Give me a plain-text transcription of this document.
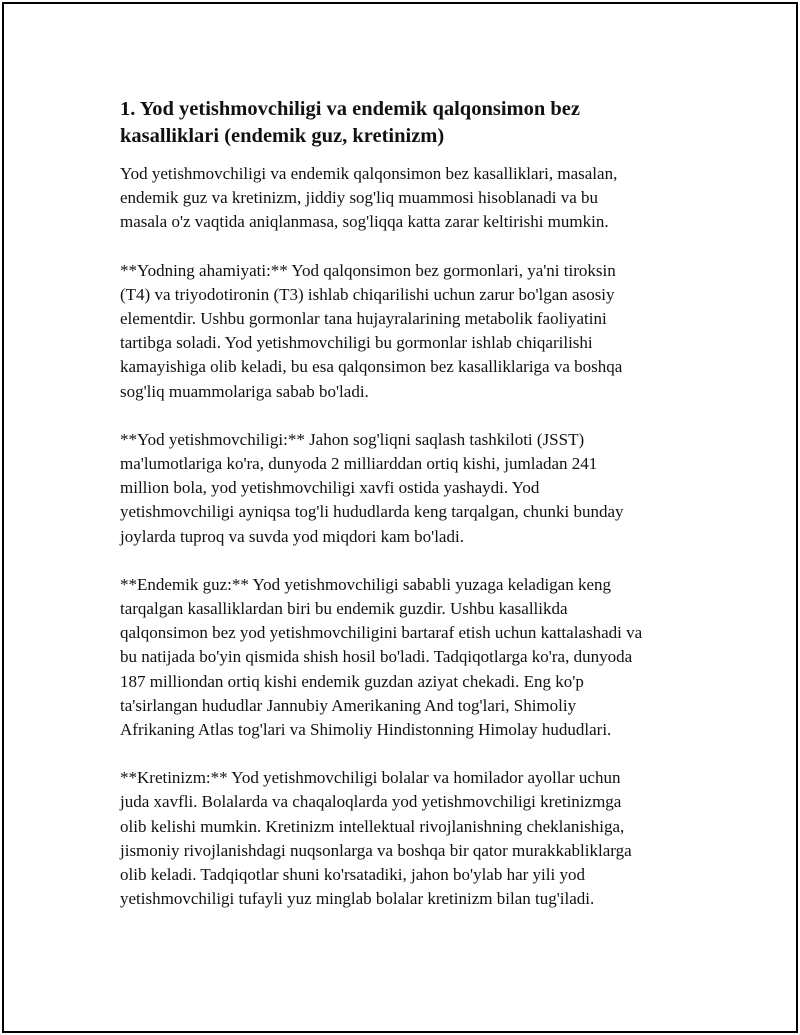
1. Yod yetishmovchiligi va endemik qalqonsimon bez
kasalliklari (endemik guz, kretinizm)

Yod yetishmovchiligi va endemik qalqonsimon bez kasalliklari, masalan,
endemik guz va kretinizm, jiddiy sog'liq muammosi hisoblanadi va bu
masala o'z vaqtida aniqlanmasa, sog'liqqa katta zarar keltirishi mumkin.

**Yodning ahamiyati:** Yod qalqonsimon bez gormonlari, ya'ni tiroksin
(T4) va triyodotironin (T3) ishlab chiqarilishi uchun zarur bo'lgan asosiy
elementdir. Ushbu gormonlar tana hujayralarining metabolik faoliyatini
tartibga soladi. Yod yetishmovchiligi bu gormonlar ishlab chiqarilishi
kamayishiga olib keladi, bu esa qalqonsimon bez kasalliklariga va boshqa
sog'liq muammolariga sabab bo'ladi.

**Yod yetishmovchiligi:** Jahon sog'liqni saqlash tashkiloti (JSST)
ma'lumotlariga ko'ra, dunyoda 2 milliarddan ortiq kishi, jumladan 241
million bola, yod yetishmovchiligi xavfi ostida yashaydi. Yod
yetishmovchiligi ayniqsa tog'li hududlarda keng tarqalgan, chunki bunday
joylarda tuproq va suvda yod miqdori kam bo'ladi.

**Endemik guz:** Yod yetishmovchiligi sababli yuzaga keladigan keng
tarqalgan kasalliklardan biri bu endemik guzdir. Ushbu kasallikda
qalqonsimon bez yod yetishmovchiligini bartaraf etish uchun kattalashadi va
bu natijada bo'yin qismida shish hosil bo'ladi. Tadqiqotlarga ko'ra, dunyoda
187 milliondan ortiq kishi endemik guzdan aziyat chekadi. Eng ko'p
ta'sirlangan hududlar Jannubiy Amerikaning And tog'lari, Shimoliy
Afrikaning Atlas tog'lari va Shimoliy Hindistonning Himolay hududlari.

**Kretinizm:** Yod yetishmovchiligi bolalar va homilador ayollar uchun
juda xavfli. Bolalarda va chaqaloqlarda yod yetishmovchiligi kretinizmga
olib kelishi mumkin. Kretinizm intellektual rivojlanishning cheklanishiga,
jismoniy rivojlanishdagi nuqsonlarga va boshqa bir qator murakkabliklarga
olib keladi. Tadqiqotlar shuni ko'rsatadiki, jahon bo'ylab har yili yod
yetishmovchiligi tufayli yuz minglab bolalar kretinizm bilan tug'iladi.
